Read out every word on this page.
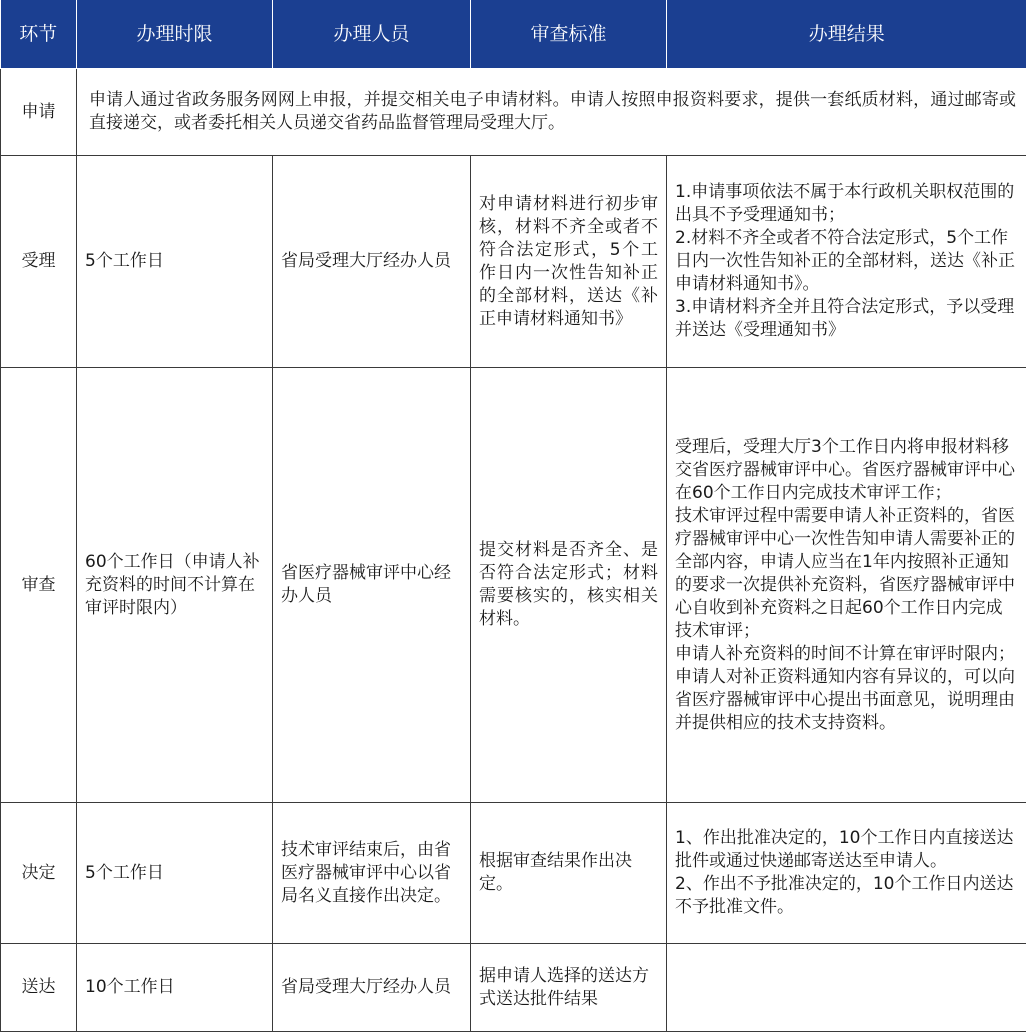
环节	办理时限	办理人员	审查标准	办理结果
申请	申请人通过省政务服务网网上申报，并提交相关电子申请材料。申请人按照申报资料要求，提供一套纸质材料，通过邮寄或直接递交，或者委托相关人员递交省药品监督管理局受理大厅。			
受理	5个工作日	省局受理大厅经办人员	对申请材料进行初步审核，材料不齐全或者不符合法定形式，5个工作日内一次性告知补正的全部材料，送达《补正申请材料通知书》	1.申请事项依法不属于本行政机关职权范围的出具不予受理通知书；
2.材料不齐全或者不符合法定形式，5个工作日内一次性告知补正的全部材料，送达《补正申请材料通知书》。
3.申请材料齐全并且符合法定形式，予以受理并送达《受理通知书》
审查	60个工作日（申请人补充资料的时间不计算在审评时限内）	省医疗器械审评中心经办人员	提交材料是否齐全、是否符合法定形式；材料需要核实的，核实相关材料。	受理后，受理大厅3个工作日内将申报材料移交省医疗器械审评中心。省医疗器械审评中心在60个工作日内完成技术审评工作；
技术审评过程中需要申请人补正资料的，省医疗器械审评中心一次性告知申请人需要补正的全部内容，申请人应当在1年内按照补正通知的要求一次提供补充资料，省医疗器械审评中心自收到补充资料之日起60个工作日内完成技术审评；
申请人补充资料的时间不计算在审评时限内；
申请人对补正资料通知内容有异议的，可以向省医疗器械审评中心提出书面意见，说明理由并提供相应的技术支持资料。
决定	5个工作日	技术审评结束后，由省医疗器械审评中心以省局名义直接作出决定。	根据审查结果作出决定。	1、作出批准决定的，10个工作日内直接送达批件或通过快递邮寄送达至申请人。
2、作出不予批准决定的，10个工作日内送达不予批准文件。
送达	10个工作日	省局受理大厅经办人员	据申请人选择的送达方式送达批件结果	
